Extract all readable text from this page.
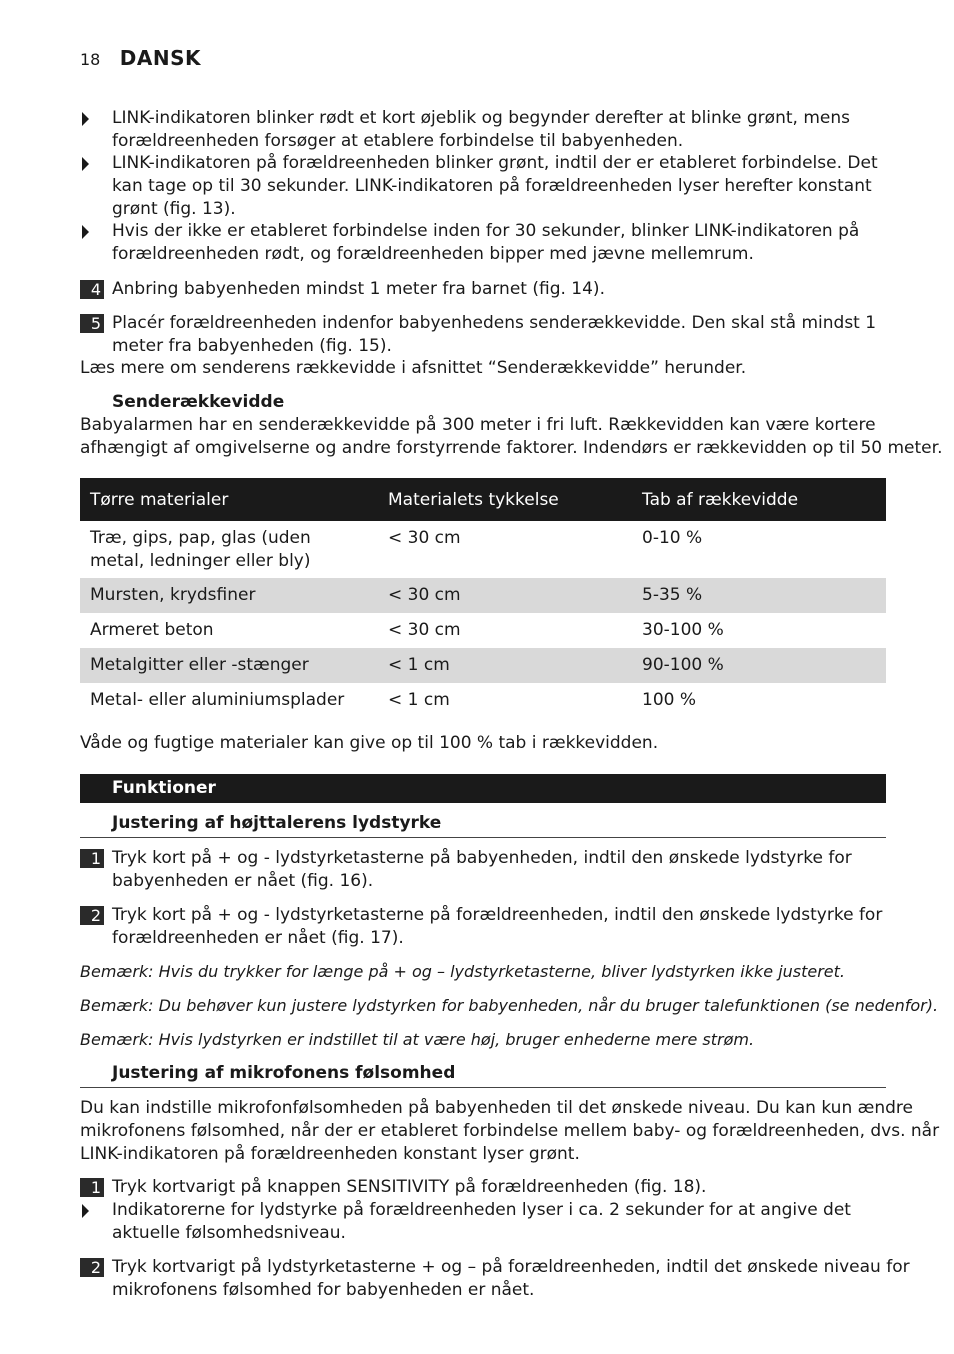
18 DANSK
LINK-indikatoren blinker rødt et kort øjeblik og begynder derefter at blinke grønt, mens
forældreenheden forsøger at etablere forbindelse til babyenheden.
LINK-indikatoren på forældreenheden blinker grønt, indtil der er etableret forbindelse. Det
kan tage op til 30 sekunder. LINK-indikatoren på forældreenheden lyser herefter konstant
grønt (fig. 13).
Hvis der ikke er etableret forbindelse inden for 30 sekunder, blinker LINK-indikatoren på
forældreenheden rødt, og forældreenheden bipper med jævne mellemrum.
4 Anbring babyenheden mindst 1 meter fra barnet (fig. 14).
5 Placér forældreenheden indenfor babyenhedens senderækkevidde. Den skal stå mindst 1
meter fra babyenheden (fig. 15).
Læs mere om senderens rækkevidde i afsnittet “Senderækkevidde” herunder.
Senderækkevidde
Babyalarmen har en senderækkevidde på 300 meter i fri luft. Rækkevidden kan være kortere
afhængigt af omgivelserne og andre forstyrrende faktorer. Indendørs er rækkevidden op til 50 meter.
Tørre materialer	Materialets tykkelse	Tab af rækkevidde

Træ, gips, pap, glas (uden metal, ledninger eller bly)	< 30 cm	0-10 %
Mursten, krydsfiner	< 30 cm	5-35 %
Armeret beton	< 30 cm	30-100 %
Metalgitter eller -stænger	< 1 cm	90-100 %
Metal- eller aluminiumsplader	< 1 cm	100 %
Våde og fugtige materialer kan give op til 100 % tab i rækkevidden.
Funktioner
Justering af højttalerens lydstyrke
1 Tryk kort på + og - lydstyrketasterne på babyenheden, indtil den ønskede lydstyrke for
babyenheden er nået (fig. 16).
2 Tryk kort på + og - lydstyrketasterne på forældreenheden, indtil den ønskede lydstyrke for
forældreenheden er nået (fig. 17).
Bemærk: Hvis du trykker for længe på + og – lydstyrketasterne, bliver lydstyrken ikke justeret.
Bemærk: Du behøver kun justere lydstyrken for babyenheden, når du bruger talefunktionen (se nedenfor).
Bemærk: Hvis lydstyrken er indstillet til at være høj, bruger enhederne mere strøm.
Justering af mikrofonens følsomhed
Du kan indstille mikrofonfølsomheden på babyenheden til det ønskede niveau. Du kan kun ændre
mikrofonens følsomhed, når der er etableret forbindelse mellem baby- og forældreenheden, dvs. når
LINK-indikatoren på forældreenheden konstant lyser grønt.
1 Tryk kortvarigt på knappen SENSITIVITY på forældreenheden (fig. 18).
Indikatorerne for lydstyrke på forældreenheden lyser i ca. 2 sekunder for at angive det
aktuelle følsomhedsniveau.
2 Tryk kortvarigt på lydstyrketasterne + og – på forældreenheden, indtil det ønskede niveau for
mikrofonens følsomhed for babyenheden er nået.
